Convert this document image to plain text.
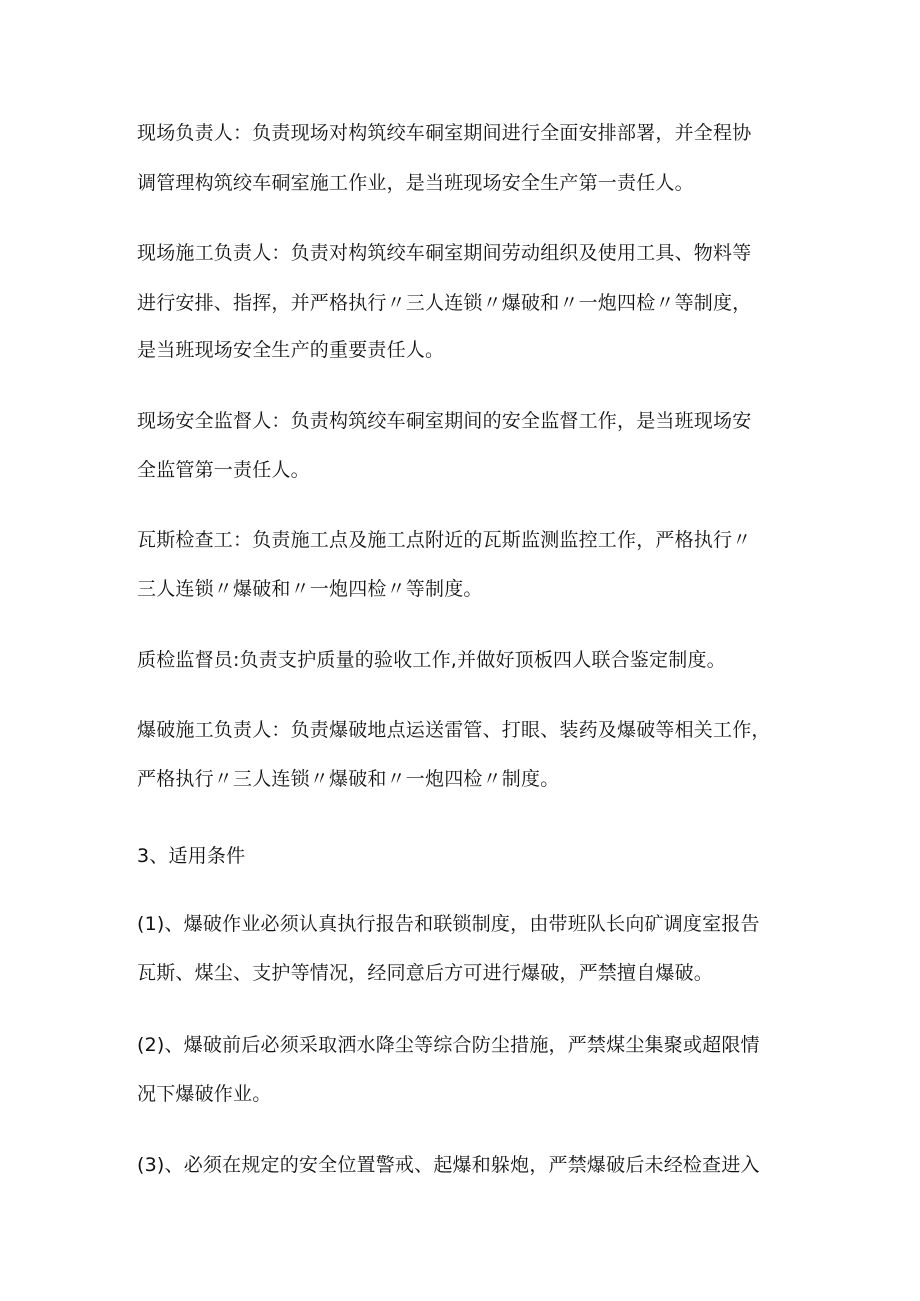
现场负责人：负责现场对构筑绞车硐室期间进行全面安排部署，并全程协
调管理构筑绞车硐室施工作业，是当班现场安全生产第一责任人。
现场施工负责人：负责对构筑绞车硐室期间劳动组织及使用工具、物料等
进行安排、指挥，并严格执行〃三人连锁〃爆破和〃一炮四检〃等制度，
是当班现场安全生产的重要责任人。
现场安全监督人：负责构筑绞车硐室期间的安全监督工作，是当班现场安
全监管第一责任人。
瓦斯检查工：负责施工点及施工点附近的瓦斯监测监控工作，严格执行〃
三人连锁〃爆破和〃一炮四检〃等制度。
质检监督员:负责支护质量的验收工作,并做好顶板四人联合鉴定制度。
爆破施工负责人：负责爆破地点运送雷管、打眼、装药及爆破等相关工作，
严格执行〃三人连锁〃爆破和〃一炮四检〃制度。
3、适用条件
(1)、爆破作业必须认真执行报告和联锁制度，由带班队长向矿调度室报告
瓦斯、煤尘、支护等情况，经同意后方可进行爆破，严禁擅自爆破。
(2)、爆破前后必须采取洒水降尘等综合防尘措施，严禁煤尘集聚或超限情
况下爆破作业。
(3)、必须在规定的安全位置警戒、起爆和躲炮，严禁爆破后未经检查进入
